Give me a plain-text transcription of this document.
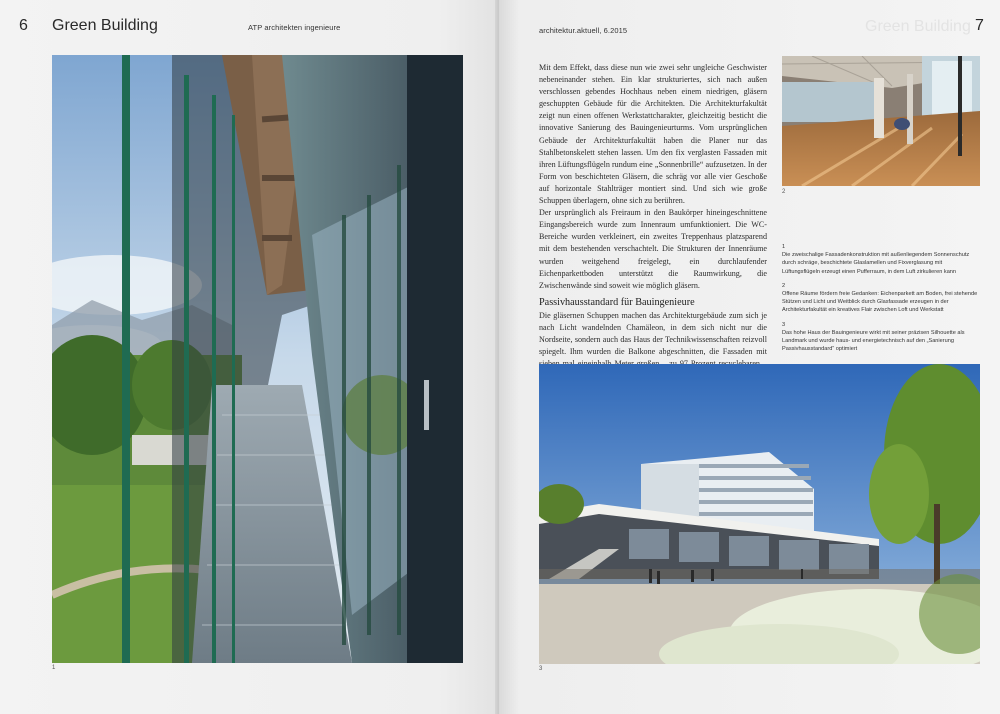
6 Green Building	ATP architekten ingenieure
1
architektur.aktuell, 6.2015	Green Building 7

Mit dem Effekt, dass diese nun wie zwei sehr ungleiche Geschwister nebeneinander stehen. Ein klar strukturiertes, sich nach außen verschlossen gebendes Hochhaus neben einem niedrigen, gläsern geschuppten Gebäude für die Architekten. Die Architekturfakultät zeigt nun einen offenen Werkstattcharakter, gleichzeitig besticht die innovative Sanierung des Bauingenieurturms. Vom ursprünglichen Gebäude der Architekturfakultät haben die Planer nur das Stahlbetonskelett stehen lassen. Um den fix verglasten Fassaden mit ihren Lüftungsflügeln rundum eine „Sonnenbrille“ aufzusetzen. In der Form von beschichteten Gläsern, die schräg vor alle vier Geschoße auf horizontale Stahlträger montiert sind. Und sich wie große Schuppen überlagern, ohne sich zu berühren.

Der ursprünglich als Freiraum in den Baukörper hineingeschnittene Eingangsbereich wurde zum Innenraum umfunktioniert. Die WC-Bereiche wurden verkleinert, ein zweites Treppenhaus platzsparend mit dem bestehenden verschachtelt. Die Strukturen der Innenräume wurden weitgehend freigelegt, ein durchlaufender Eichenparkettboden unterstützt die Raumwirkung, die Zwischenwände sind soweit wie möglich gläsern.

Passivhausstandard für Bauingenieure

Die gläsernen Schuppen machen das Architekturgebäude zum sich je nach Licht wandelnden Chamäleon, in dem sich nicht nur die Nordseite, sondern auch das Haus der Technikwissenschaften reizvoll spiegelt. Ihm wurden die Balkone abgeschnitten, die Fassaden mit

2
1
Die zweischalige Fassadenkonstruktion mit außenliegendem Sonnenschutz durch schräge, beschichtete Glaslamellen und Fixverglasung mit Lüftungsflügeln erzeugt einen Pufferraum, in dem Luft zirkulieren kann
2
Offene Räume fördern freie Gedanken: Eichenparkett am Boden, frei stehende Stützen und Licht und Weitblick durch Glasfassade erzeugen in der Architekturfakultät ein kreatives Flair zwischen Loft und Werkstatt
3
Das hohe Haus der Bauingenieure wirkt mit seiner präzisen Silhouette als Landmark und wurde haus- und energietechnisch auf den „Sanierung Passivhausstandard“ optimiert
3
